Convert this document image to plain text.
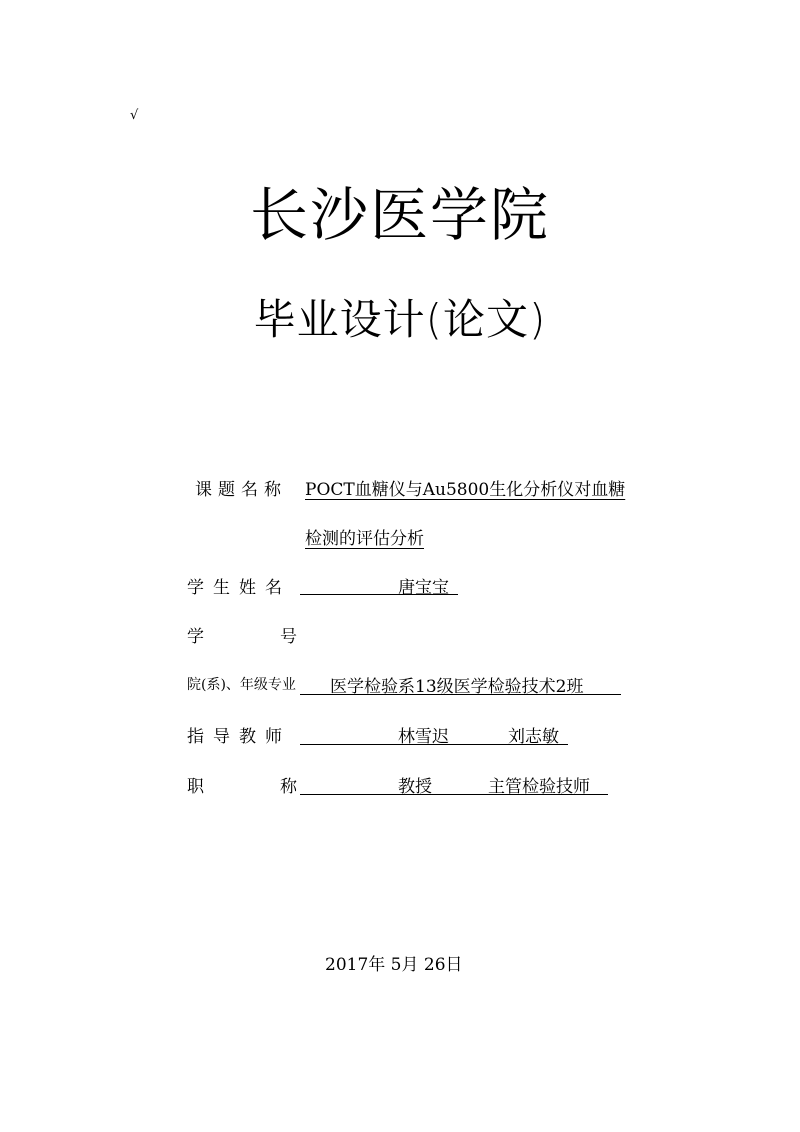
√
长沙医学院
毕业设计(论文)
课题名称 POCT血糖仪与Au5800生化分析仪对血糖
检测的评估分析
学生姓名	唐宝宝
学号
院(系)、年级专业 医学检验系13级医学检验技术2班
指导教师	林雪迟	刘志敏
职称 教授	主管检验技师
2017年 5月 26日
